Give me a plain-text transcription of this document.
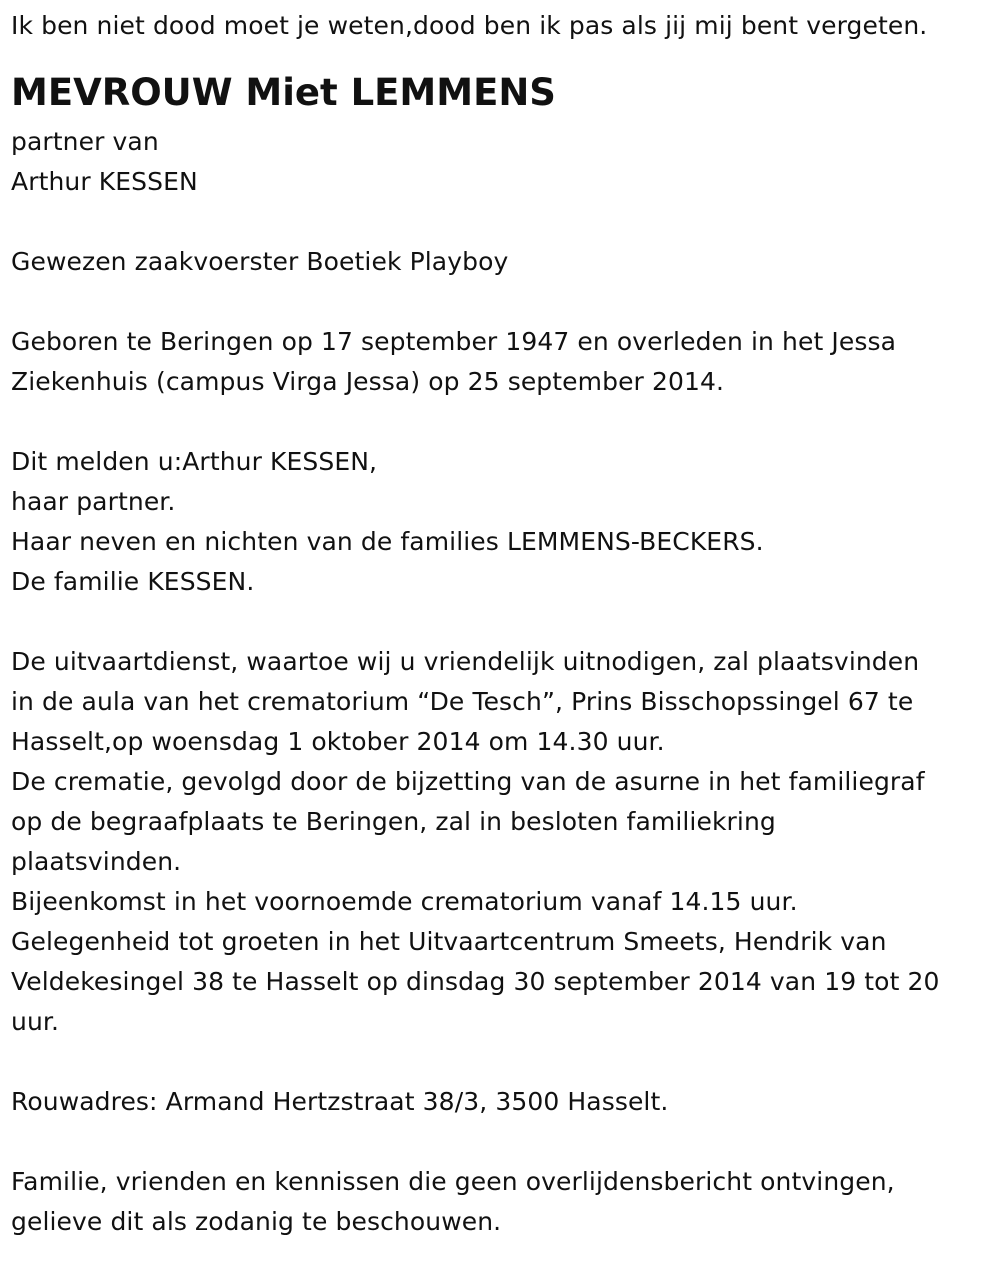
Ik ben niet dood moet je weten,dood ben ik pas als jij mij bent vergeten.
MEVROUW Miet LEMMENS
partner van
Arthur KESSEN
Gewezen zaakvoerster Boetiek Playboy
Geboren te Beringen op 17 september 1947 en overleden in het Jessa
Ziekenhuis (campus Virga Jessa) op 25 september 2014.
Dit melden u:Arthur KESSEN,
haar partner.
Haar neven en nichten van de families LEMMENS-BECKERS.
De familie KESSEN.
De uitvaartdienst, waartoe wij u vriendelijk uitnodigen, zal plaatsvinden
in de aula van het crematorium “De Tesch”, Prins Bisschopssingel 67 te
Hasselt,op woensdag 1 oktober 2014 om 14.30 uur.
De crematie, gevolgd door de bijzetting van de asurne in het familiegraf
op de begraafplaats te Beringen, zal in besloten familiekring
plaatsvinden.
Bijeenkomst in het voornoemde crematorium vanaf 14.15 uur.
Gelegenheid tot groeten in het Uitvaartcentrum Smeets, Hendrik van
Veldekesingel 38 te Hasselt op dinsdag 30 september 2014 van 19 tot 20
uur.
Rouwadres: Armand Hertzstraat 38/3, 3500 Hasselt.
Familie, vrienden en kennissen die geen overlijdensbericht ontvingen,
gelieve dit als zodanig te beschouwen.
